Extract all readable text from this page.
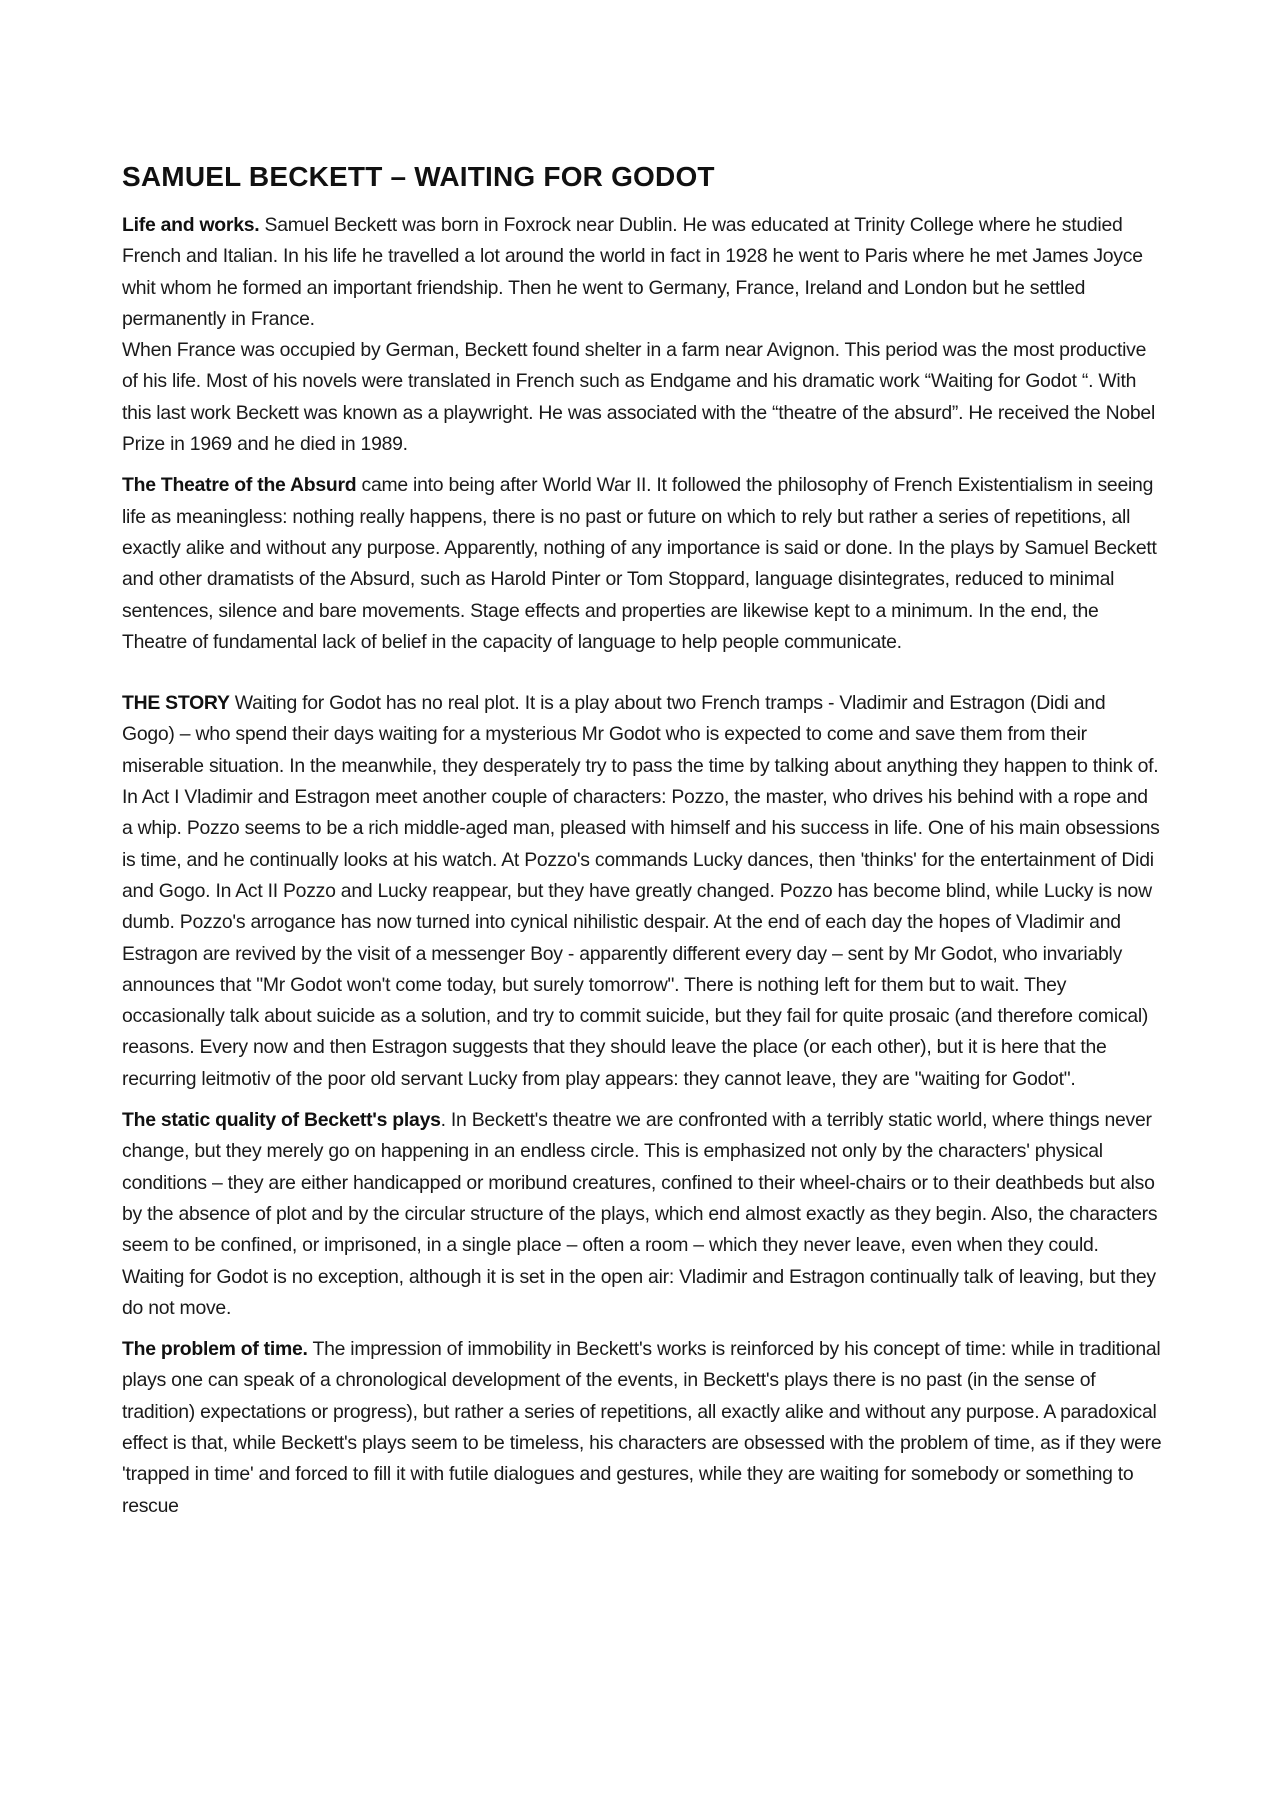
SAMUEL BECKETT – WAITING FOR GODOT

Life and works. Samuel Beckett was born in Foxrock near Dublin. He was educated at Trinity College where he studied French and Italian. In his life he travelled a lot around the world in fact in 1928 he went to Paris where he met James Joyce whit whom he formed an important friendship. Then he went to Germany, France, Ireland and London but he settled permanently in France.

When France was occupied by German, Beckett found shelter in a farm near Avignon. This period was the most productive of his life. Most of his novels were translated in French such as Endgame and his dramatic work “Waiting for Godot “. With this last work Beckett was known as a playwright. He was associated with the “theatre of the absurd”. He received the Nobel Prize in 1969 and he died in 1989.

The Theatre of the Absurd came into being after World War II. It followed the philosophy of French Existentialism in seeing life as meaningless: nothing really happens, there is no past or future on which to rely but rather a series of repetitions, all exactly alike and without any purpose. Apparently, nothing of any importance is said or done. In the plays by Samuel Beckett and other dramatists of the Absurd, such as Harold Pinter or Tom Stoppard, language disintegrates, reduced to minimal sentences, silence and bare movements. Stage effects and properties are likewise kept to a minimum. In the end, the Theatre of fundamental lack of belief in the capacity of language to help people communicate.

THE STORY Waiting for Godot has no real plot. It is a play about two French tramps - Vladimir and Estragon (Didi and Gogo) – who spend their days waiting for a mysterious Mr Godot who is expected to come and save them from their miserable situation. In the meanwhile, they desperately try to pass the time by talking about anything they happen to think of. In Act I Vladimir and Estragon meet another couple of characters: Pozzo, the master, who drives his behind with a rope and a whip. Pozzo seems to be a rich middle-aged man, pleased with himself and his success in life. One of his main obsessions is time, and he continually looks at his watch. At Pozzo's commands Lucky dances, then 'thinks' for the entertainment of Didi and Gogo. In Act II Pozzo and Lucky reappear, but they have greatly changed. Pozzo has become blind, while Lucky is now dumb. Pozzo's arrogance has now turned into cynical nihilistic despair. At the end of each day the hopes of Vladimir and Estragon are revived by the visit of a messenger Boy - apparently different every day – sent by Mr Godot, who invariably announces that "Mr Godot won't come today, but surely tomorrow". There is nothing left for them but to wait. They occasionally talk about suicide as a solution, and try to commit suicide, but they fail for quite prosaic (and therefore comical) reasons. Every now and then Estragon suggests that they should leave the place (or each other), but it is here that the recurring leitmotiv of the poor old servant Lucky from play appears: they cannot leave, they are "waiting for Godot".

The static quality of Beckett's plays. In Beckett's theatre we are confronted with a terribly static world, where things never change, but they merely go on happening in an endless circle. This is emphasized not only by the characters' physical conditions – they are either handicapped or moribund creatures, confined to their wheel-chairs or to their deathbeds but also by the absence of plot and by the circular structure of the plays, which end almost exactly as they begin. Also, the characters seem to be confined, or imprisoned, in a single place – often a room – which they never leave, even when they could. Waiting for Godot is no exception, although it is set in the open air: Vladimir and Estragon continually talk of leaving, but they do not move.

The problem of time. The impression of immobility in Beckett's works is reinforced by his concept of time: while in traditional plays one can speak of a chronological development of the events, in Beckett's plays there is no past (in the sense of tradition) expectations or progress), but rather a series of repetitions, all exactly alike and without any purpose. A paradoxical effect is that, while Beckett's plays seem to be timeless, his characters are obsessed with the problem of time, as if they were 'trapped in time' and forced to fill it with futile dialogues and gestures, while they are waiting for somebody or something to rescue
